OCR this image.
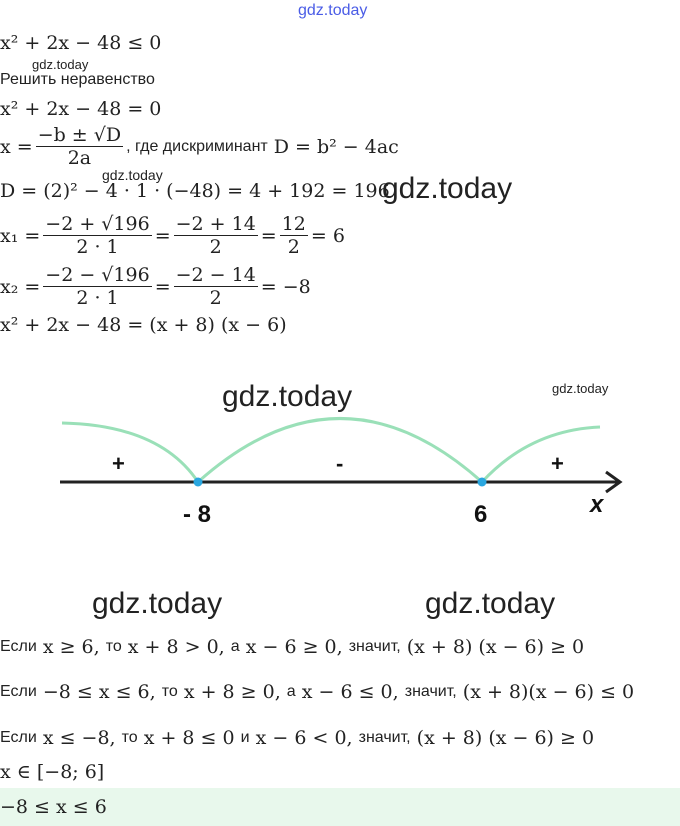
gdz.today
gdz.today
gdz.today	gdz.today
gdz.today
gdz.today
gdz.today	gdz.today
x² + 2x − 48 ≤ 0
Решить неравенство
x² + 2x − 48 = 0
$x = \frac{-b \pm √D}{2a}$ , где дискриминант D = b² − 4ac
D = (2)² − 4 · 1 · (−48) = 4 + 192 = 196
$x_1 = \frac{-2 + √196}{2 \cdot 1} = \frac{-2 + 14}{2} = \frac{12}{2} = 6$
$x_2 = \frac{-2 - √196}{2 \cdot 1} = \frac{-2 - 14}{2} = -8$
x² + 2x − 48 = (x + 8) (x − 6)
+	-	+
- 8	6	x
Если
x ≥ 6,
то
x + 8 > 0,
а
x − 6 ≥ 0,
значит,
(x + 8) (x − 6) ≥ 0
Если
−8 ≤ x ≤ 6,
то
x + 8 ≥ 0,
а
x − 6 ≤ 0,
значит,
(x + 8)(x − 6) ≤ 0
Если
x ≤ −8,
то
x + 8 ≤ 0
и
x − 6 < 0,
значит,
(x + 8) (x − 6) ≥ 0
x ∈ [−8; 6]
−8 ≤ x ≤ 6
